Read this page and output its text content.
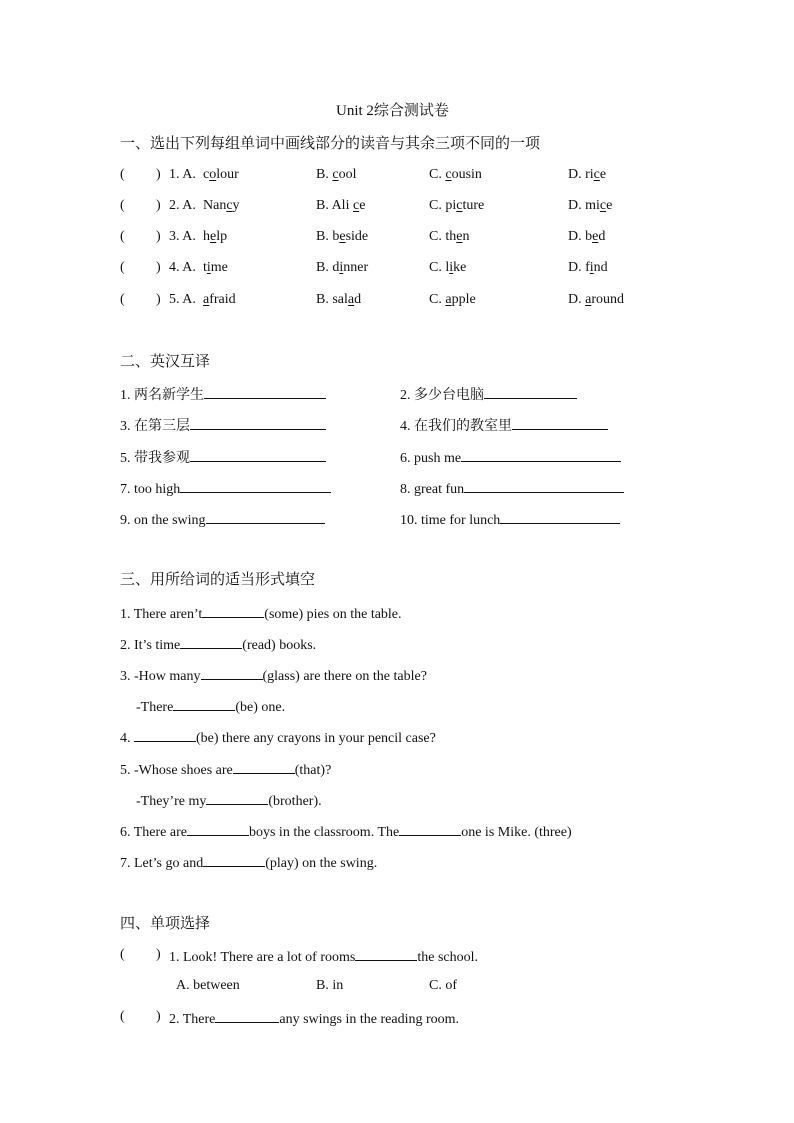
Unit 2综合测试卷
一、选出下列每组单词中画线部分的读音与其余三项不同的一项
( ) 1. A. colour	B. cool	C. cousin	D. rice
( ) 2. A. Nancy	B. Ali ce	C. picture	D. mice
( ) 3. A. help	B. beside	C. then	D. bed
( ) 4. A. time	B. dinner	C. like	D. find
( ) 5. A. afraid	B. salad	C. apple	D. around
二、英汉互译
1. 两名新学生	2. 多少台电脑
3. 在第三层	4. 在我们的教室里
5. 带我参观	6. push me
7. too high	8. great fun
9. on the swing	10. time for lunch
三、用所给词的适当形式填空
1. There aren’t	(some) pies on the table.
2. It’s time	(read) books.
3. -How many	(glass) are there on the table?
-There	(be) one.
4.	(be) there any crayons in your pencil case?
5. -Whose shoes are	(that)?
-They’re my	(brother).
6. There are	boys in the classroom. The	one is Mike. (three)
7. Let’s go and	(play) on the swing.
四、单项选择
( ) 1. Look! There are a lot of rooms	the school.
A. between	B. in	C. of
( ) 2. There	any swings in the reading room.
